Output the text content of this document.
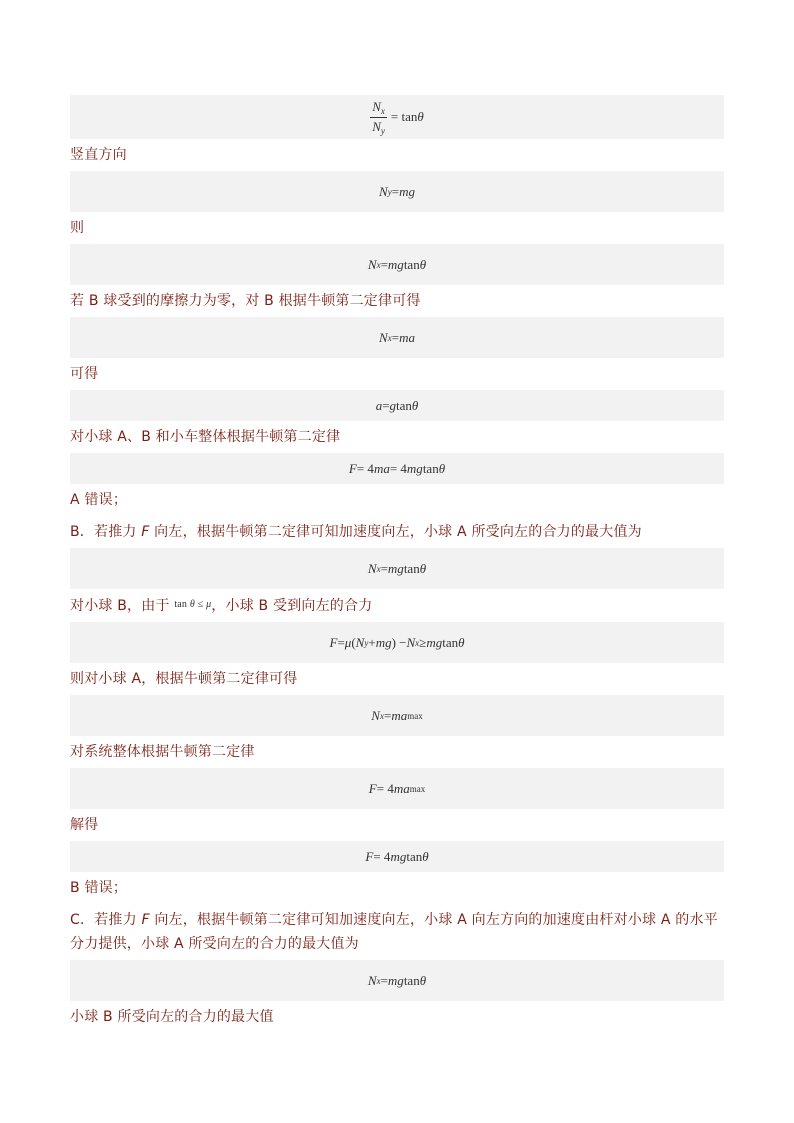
$\frac{N_x}{N_y} = \tan \theta$
竖直方向
N y = mg
则
N x = mg tan θ
若 B 球受到的摩擦力为零，对 B 根据牛顿第二定律可得
N x = ma
可得
a = g tan θ
对小球 A、B 和小车整体根据牛顿第二定律
F = 4 ma = 4 mg tan θ
A 错误；
B．若推力 F 向左，根据牛顿第二定律可知加速度向左，小球 A 所受向左的合力的最大值为
N x = mg tan θ
对小球 B，由于 $^{tan \theta \le \mu}$，小球 B 受到向左的合力
F = μ ( N y + mg ) − N x ≥ mg tan θ
则对小球 A，根据牛顿第二定律可得
N x = ma max
对系统整体根据牛顿第二定律
F = 4 ma max
解得
F = 4 mg tan θ
B 错误；
C．若推力 F 向左，根据牛顿第二定律可知加速度向左，小球 A 向左方向的加速度由杆对小球 A 的水平分力提供，小球 A 所受向左的合力的最大值为
N x = mg tan θ
小球 B 所受向左的合力的最大值
